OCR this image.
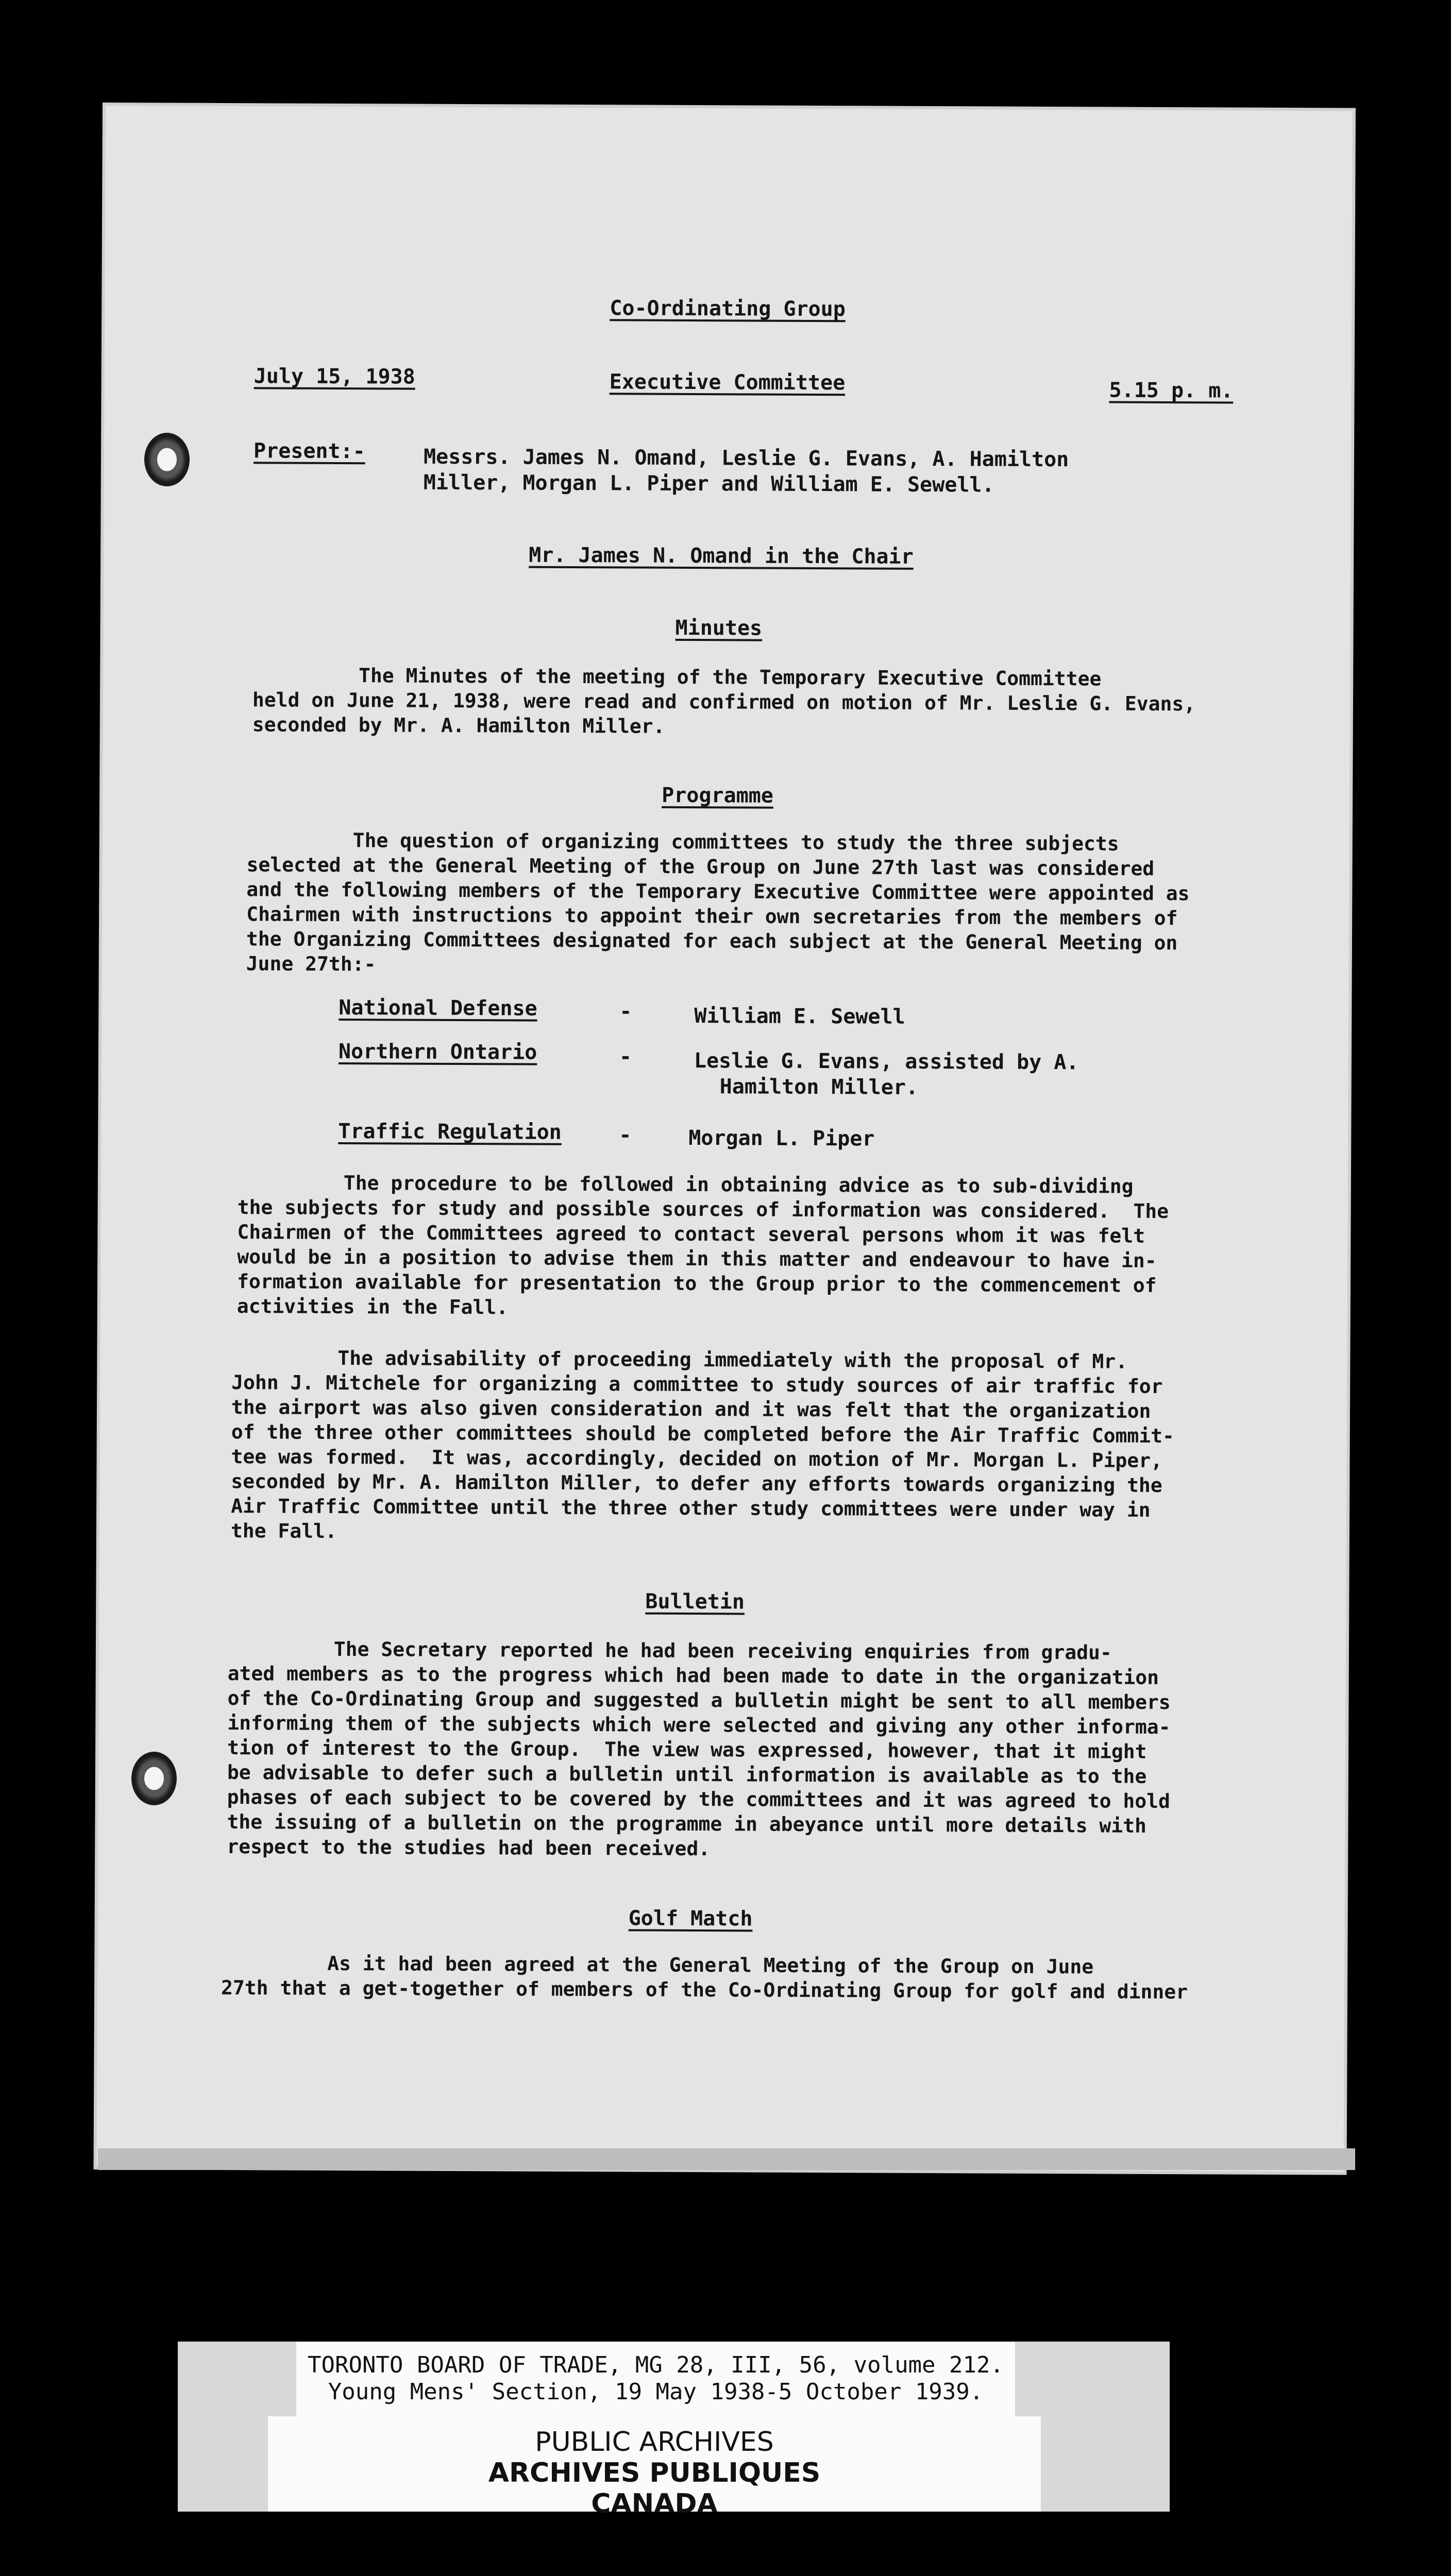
Co-Ordinating Group
July 15, 1938	Executive Committee	5.15 p. m.
Present:-	Messrs. James N. Omand, Leslie G. Evans, A. Hamilton
Miller, Morgan L. Piper and William E. Sewell.
Mr. James N. Omand in the Chair
Minutes
The Minutes of the meeting of the Temporary Executive Committee
held on June 21, 1938, were read and confirmed on motion of Mr. Leslie G. Evans,
seconded by Mr. A. Hamilton Miller.
Programme
The question of organizing committees to study the three subjects
selected at the General Meeting of the Group on June 27th last was considered
and the following members of the Temporary Executive Committee were appointed as
Chairmen with instructions to appoint their own secretaries from the members of
the Organizing Committees designated for each subject at the General Meeting on
June 27th:-
National Defense	-	William E. Sewell
Northern Ontario	-	Leslie G. Evans, assisted by A.
Hamilton Miller.
Traffic Regulation	-	Morgan L. Piper
The procedure to be followed in obtaining advice as to sub-dividing
the subjects for study and possible sources of information was considered.  The
Chairmen of the Committees agreed to contact several persons whom it was felt
would be in a position to advise them in this matter and endeavour to have in-
formation available for presentation to the Group prior to the commencement of
activities in the Fall.
The advisability of proceeding immediately with the proposal of Mr.
John J. Mitchele for organizing a committee to study sources of air traffic for
the airport was also given consideration and it was felt that the organization
of the three other committees should be completed before the Air Traffic Commit-
tee was formed.  It was, accordingly, decided on motion of Mr. Morgan L. Piper,
seconded by Mr. A. Hamilton Miller, to defer any efforts towards organizing the
Air Traffic Committee until the three other study committees were under way in
the Fall.
Bulletin
The Secretary reported he had been receiving enquiries from gradu-
ated members as to the progress which had been made to date in the organization
of the Co-Ordinating Group and suggested a bulletin might be sent to all members
informing them of the subjects which were selected and giving any other informa-
tion of interest to the Group.  The view was expressed, however, that it might
be advisable to defer such a bulletin until information is available as to the
phases of each subject to be covered by the committees and it was agreed to hold
the issuing of a bulletin on the programme in abeyance until more details with
respect to the studies had been received.
Golf Match
As it had been agreed at the General Meeting of the Group on June
27th that a get-together of members of the Co-Ordinating Group for golf and dinner
TORONTO BOARD OF TRADE, MG 28, III, 56, volume 212.
Young Mens' Section, 19 May 1938-5 October 1939.
PUBLIC ARCHIVES
ARCHIVES PUBLIQUES
CANADA
